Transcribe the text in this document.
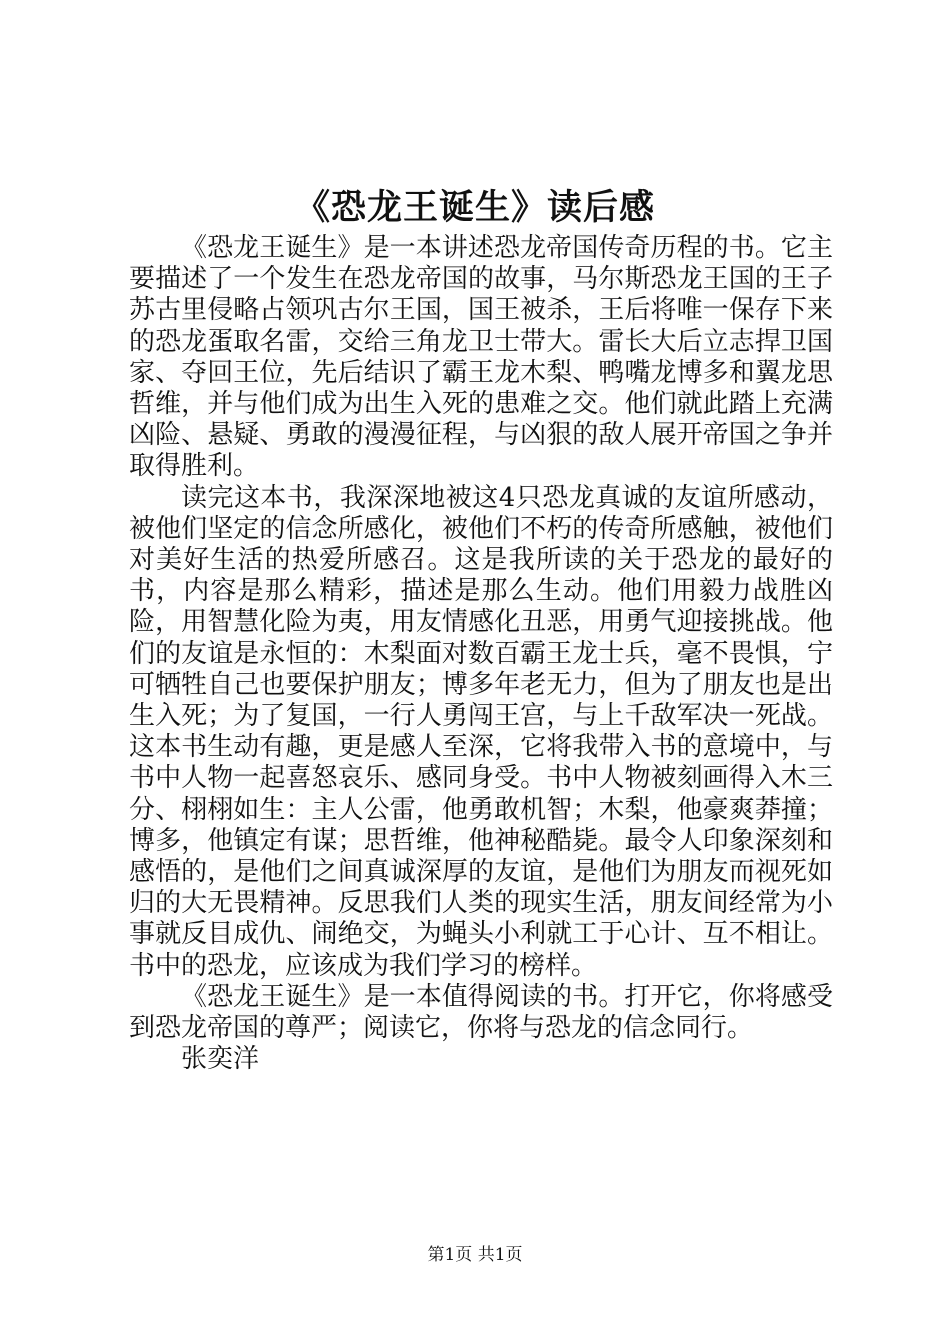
《恐龙王诞生》读后感

《恐龙王诞生》是一本讲述恐龙帝国传奇历程的书。它主要描述了一个发生在恐龙帝国的故事，马尔斯恐龙王国的王子苏古里侵略占领巩古尔王国，国王被杀，王后将唯一保存下来的恐龙蛋取名雷，交给三角龙卫士带大。雷长大后立志捍卫国家、夺回王位，先后结识了霸王龙木梨、鸭嘴龙博多和翼龙思哲维，并与他们成为出生入死的患难之交。他们就此踏上充满凶险、悬疑、勇敢的漫漫征程，与凶狠的敌人展开帝国之争并取得胜利。

读完这本书，我深深地被这4只恐龙真诚的友谊所感动，被他们坚定的信念所感化，被他们不朽的传奇所感触，被他们对美好生活的热爱所感召。这是我所读的关于恐龙的最好的书，内容是那么精彩，描述是那么生动。他们用毅力战胜凶险，用智慧化险为夷，用友情感化丑恶，用勇气迎接挑战。他们的友谊是永恒的：木梨面对数百霸王龙士兵，毫不畏惧，宁可牺牲自己也要保护朋友；博多年老无力，但为了朋友也是出生入死；为了复国，一行人勇闯王宫，与上千敌军决一死战。这本书生动有趣，更是感人至深，它将我带入书的意境中，与书中人物一起喜怒哀乐、感同身受。书中人物被刻画得入木三分、栩栩如生：主人公雷，他勇敢机智；木梨，他豪爽莽撞；博多，他镇定有谋；思哲维，他神秘酷毙。最令人印象深刻和感悟的，是他们之间真诚深厚的友谊，是他们为朋友而视死如归的大无畏精神。反思我们人类的现实生活，朋友间经常为小事就反目成仇、闹绝交，为蝇头小利就工于心计、互不相让。书中的恐龙，应该成为我们学习的榜样。

《恐龙王诞生》是一本值得阅读的书。打开它，你将感受到恐龙帝国的尊严；阅读它，你将与恐龙的信念同行。

张奕洋

第1页 共1页
